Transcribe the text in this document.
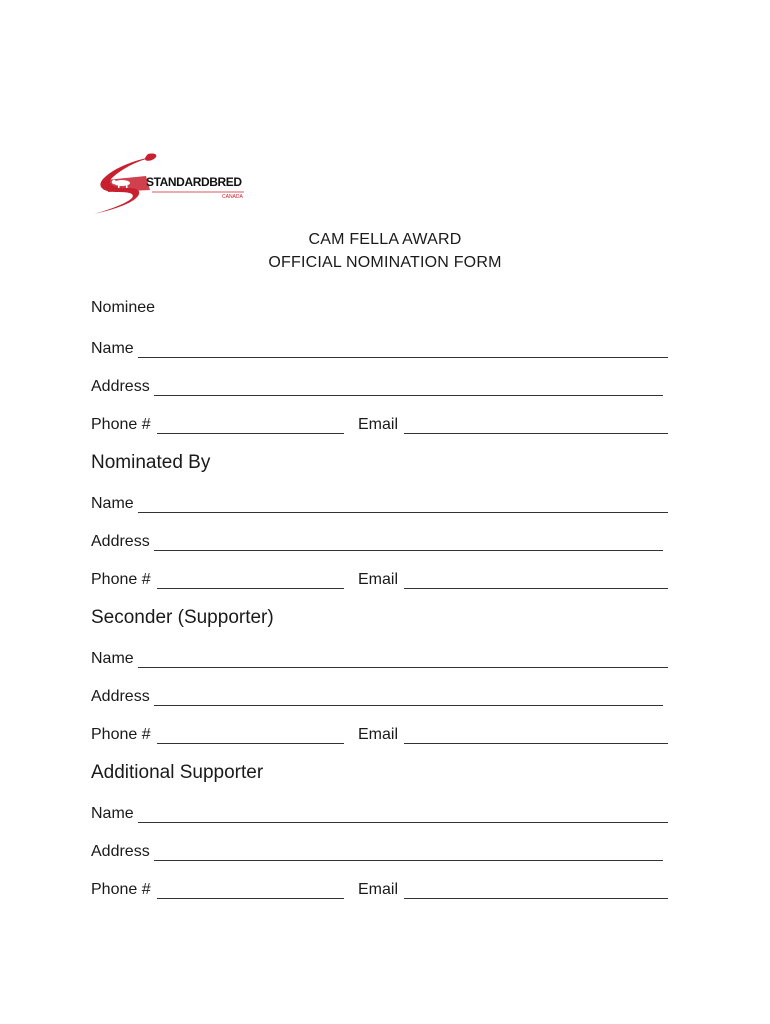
STANDARDBRED
CANADA
CAM FELLA AWARD
OFFICIAL NOMINATION FORM
Nominee
Name
Address
Phone #	Email
Nominated By
Name
Address
Phone #	Email
Seconder (Supporter)
Name
Address
Phone #	Email
Additional Supporter
Name
Address
Phone #	Email
